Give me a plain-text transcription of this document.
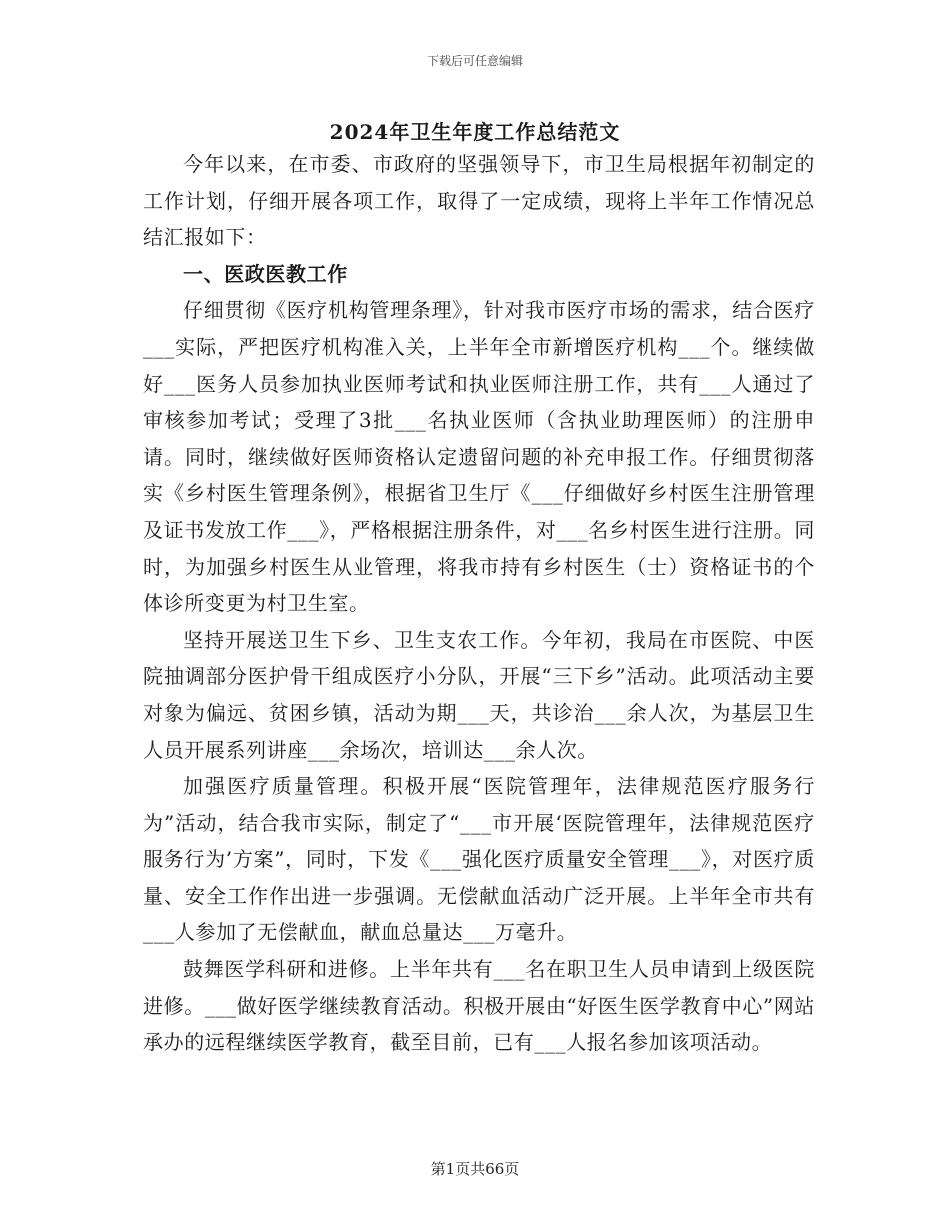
下载后可任意编辑
2024年卫生年度工作总结范文

今年以来，在市委、市政府的坚强领导下，市卫生局根据年初制定的工作计划，仔细开展各项工作，取得了一定成绩，现将上半年工作情况总结汇报如下：

一、医政医教工作

仔细贯彻《医疗机构管理条理》，针对我市医疗市场的需求，结合医疗___实际，严把医疗机构准入关，上半年全市新增医疗机构___个。继续做好___医务人员参加执业医师考试和执业医师注册工作，共有___人通过了审核参加考试；受理了3批___名执业医师（含执业助理医师）的注册申请。同时，继续做好医师资格认定遗留问题的补充申报工作。仔细贯彻落实《乡村医生管理条例》，根据省卫生厅《___仔细做好乡村医生注册管理及证书发放工作___》，严格根据注册条件，对___名乡村医生进行注册。同时，为加强乡村医生从业管理，将我市持有乡村医生（士）资格证书的个体诊所变更为村卫生室。

坚持开展送卫生下乡、卫生支农工作。今年初，我局在市医院、中医院抽调部分医护骨干组成医疗小分队，开展“三下乡”活动。此项活动主要对象为偏远、贫困乡镇，活动为期___天，共诊治___余人次，为基层卫生人员开展系列讲座___余场次，培训达___余人次。

加强医疗质量管理。积极开展“医院管理年，法律规范医疗服务行为”活动，结合我市实际，制定了“___市开展‘医院管理年，法律规范医疗服务行为’方案”，同时，下发《___强化医疗质量安全管理___》，对医疗质量、安全工作作出进一步强调。无偿献血活动广泛开展。上半年全市共有___人参加了无偿献血，献血总量达___万毫升。

鼓舞医学科研和进修。上半年共有___名在职卫生人员申请到上级医院进修。___做好医学继续教育活动。积极开展由“好医生医学教育中心”网站承办的远程继续医学教育，截至目前，已有___人报名参加该项活动。

第1页共66页
